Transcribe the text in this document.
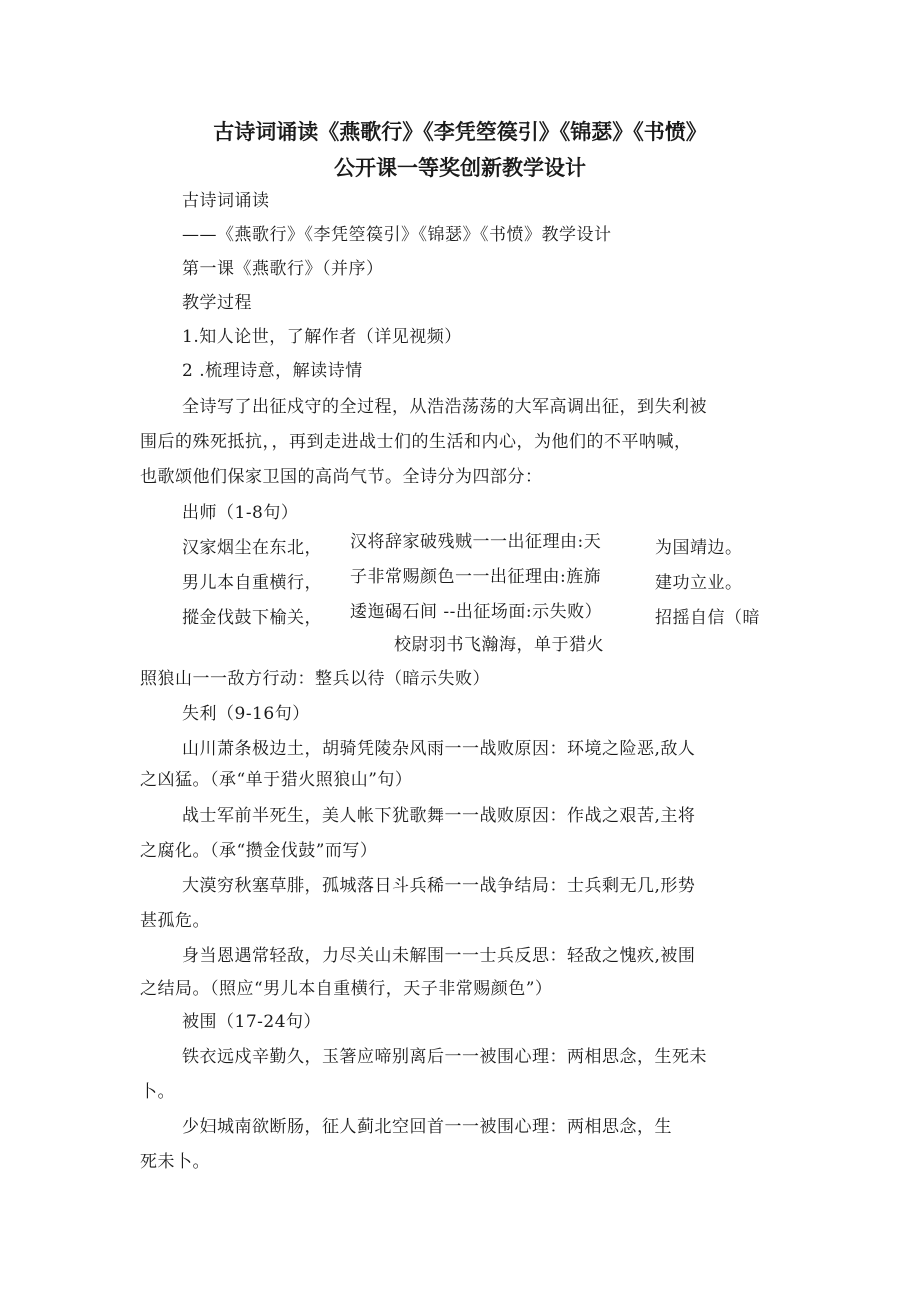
古诗词诵读《燕歌行》《李凭箜篌引》《锦瑟》《书愤》
公开课一等奖创新教学设计
古诗词诵读
——《燕歌行》《李凭箜篌引》《锦瑟》《书愤》教学设计
第一课《燕歌行》（并序）
教学过程
1.知人论世，了解作者（详见视频）
2 .梳理诗意，解读诗情
全诗写了出征戍守的全过程，从浩浩荡荡的大军高调出征，到失利被
围后的殊死抵抗，，再到走进战士们的生活和内心，为他们的不平呐喊，
也歌颂他们保家卫国的高尚气节。全诗分为四部分：
出师（1-8句）
汉家烟尘在东北，
男儿本自重横行，
摐金伐鼓下榆关，
汉将辞家破残贼一一出征理由:天
子非常赐颜色一一出征理由:旌旆
逶迤碣石间 --出征场面:示失败）
为国靖边。
建功立业。
招摇自信（暗
校尉羽书飞瀚海，单于猎火
照狼山一一敌方行动：整兵以待（暗示失败）
失利（9-16句）
山川萧条极边土，胡骑凭陵杂风雨一一战败原因：环境之险恶,敌人
之凶猛。（承“单于猎火照狼山”句）
战士军前半死生，美人帐下犹歌舞一一战败原因：作战之艰苦,主将
之腐化。（承“攒金伐鼓”而写）
大漠穷秋塞草腓，孤城落日斗兵稀一一战争结局：士兵剩无几,形势
甚孤危。
身当恩遇常轻敌，力尽关山未解围一一士兵反思：轻敌之愧疚,被围
之结局。（照应“男儿本自重横行，天子非常赐颜色”）
被围（17-24句）
铁衣远戍辛勤久，玉箸应啼别离后一一被围心理：两相思念，生死未
卜。
少妇城南欲断肠，征人蓟北空回首一一被围心理：两相思念，生
死未卜。
